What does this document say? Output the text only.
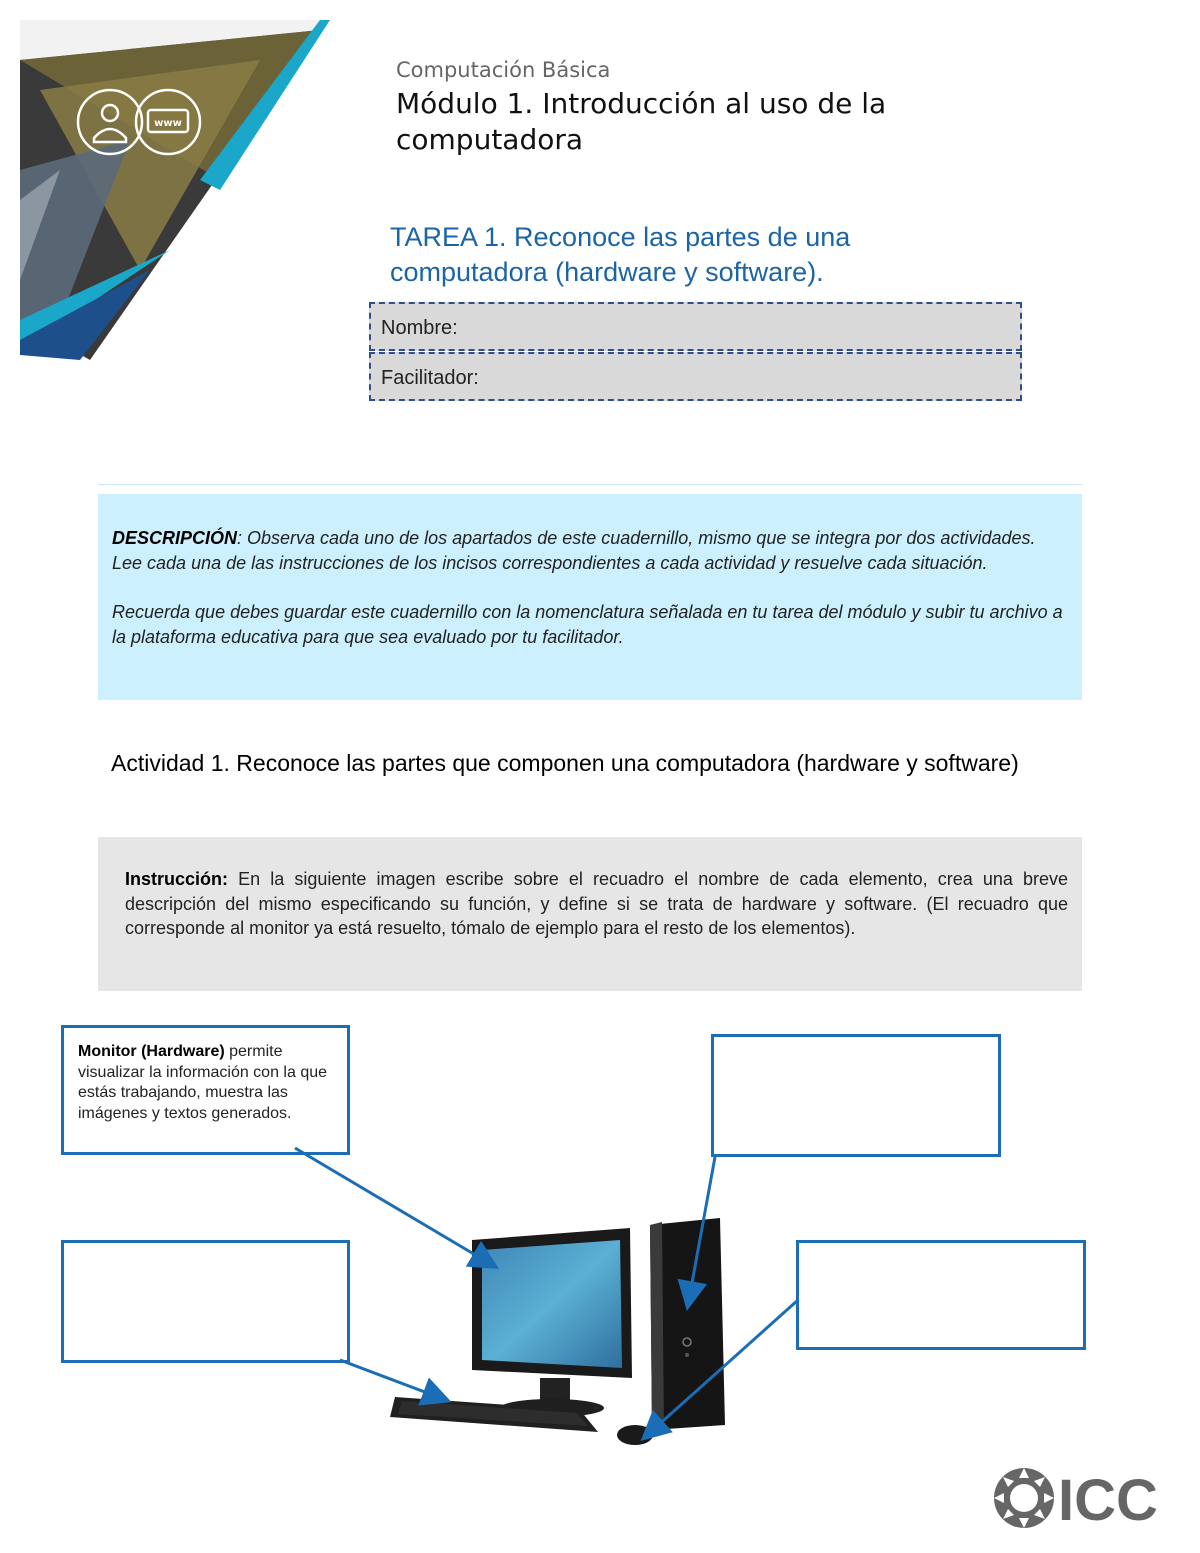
www
Computación Básica
Módulo 1. Introducción al uso de la computadora
TAREA 1. Reconoce las partes de una computadora (hardware y software).
Nombre:
Facilitador:

DESCRIPCIÓN: Observa cada uno de los apartados de este cuadernillo, mismo que se integra por dos actividades. Lee cada una de las instrucciones de los incisos correspondientes a cada actividad y resuelve cada situación.

Recuerda que debes guardar este cuadernillo con la nomenclatura señalada en tu tarea del módulo y subir tu archivo a la plataforma educativa para que sea evaluado por tu facilitador.

Actividad 1. Reconoce las partes que componen una computadora (hardware y software)
Instrucción: En la siguiente imagen escribe sobre el recuadro el nombre de cada elemento, crea una breve descripción del mismo especificando su función, y define si se trata de hardware y software. (El recuadro que corresponde al monitor ya está resuelto, tómalo de ejemplo para el resto de los elementos).
Monitor (Hardware) permite visualizar la información con la que estás trabajando, muestra las imágenes y textos generados.
ICC
